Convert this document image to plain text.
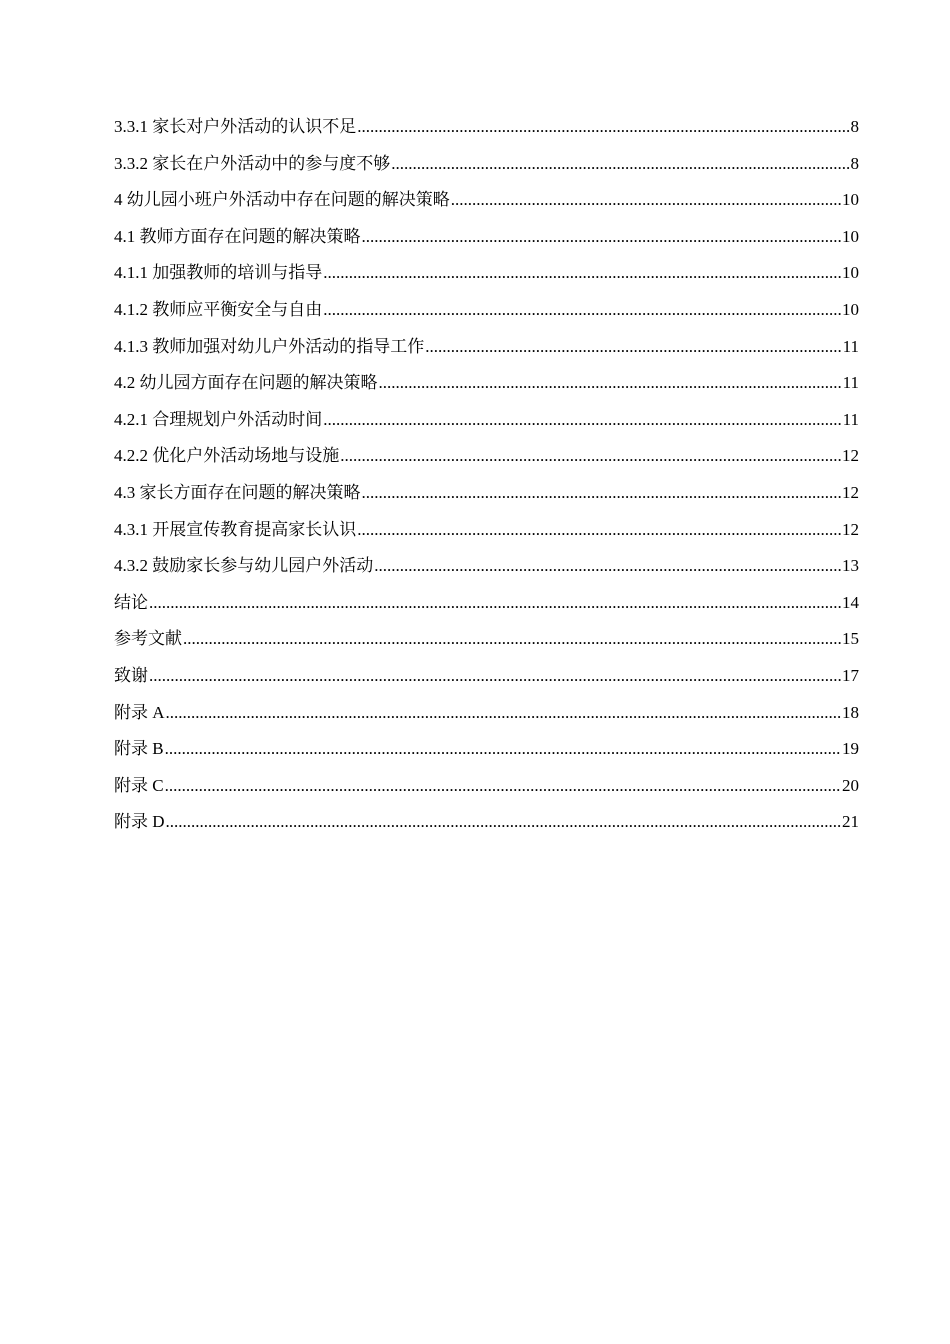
3.3.1 家长对户外活动的认识不足 .....	8
3.3.2 家长在户外活动中的参与度不够 .....	8
4 幼儿园小班户外活动中存在问题的解决策略 .....	10
4.1 教师方面存在问题的解决策略 .....	10
4.1.1 加强教师的培训与指导 .....	10
4.1.2 教师应平衡安全与自由 .....	10
4.1.3 教师加强对幼儿户外活动的指导工作 .....	11
4.2 幼儿园方面存在问题的解决策略 .....	11
4.2.1 合理规划户外活动时间 .....	11
4.2.2 优化户外活动场地与设施 .....	12
4.3 家长方面存在问题的解决策略 .....	12
4.3.1 开展宣传教育提高家长认识 .....	12
4.3.2 鼓励家长参与幼儿园户外活动 .....	13
结论 .....	14
参考文献 .....	15
致谢 .....	17
附录 A .....	18
附录 B .....	19
附录 C .....	20
附录 D .....	21
